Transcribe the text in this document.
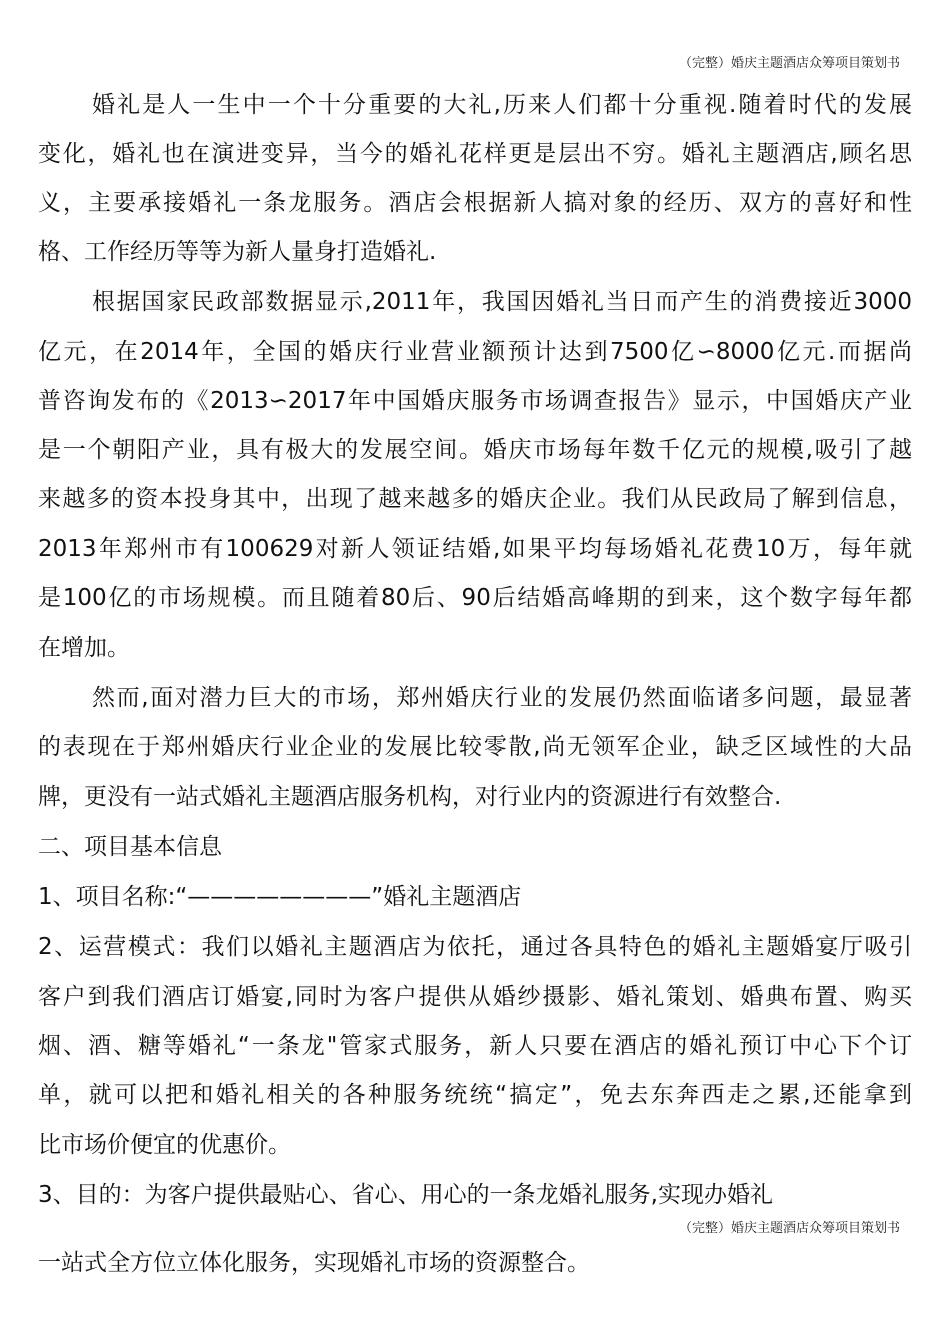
（完整）婚庆主题酒店众筹项目策划书
婚礼是人一生中一个十分重要的大礼,历来人们都十分重视.随着时代的发展
变化，婚礼也在演进变异，当今的婚礼花样更是层出不穷。婚礼主题酒店,顾名思
义，主要承接婚礼一条龙服务。酒店会根据新人搞对象的经历、双方的喜好和性
格、工作经历等等为新人量身打造婚礼.
根据国家民政部数据显示,2011年，我国因婚礼当日而产生的消费接近3000
亿元，在2014年，全国的婚庆行业营业额预计达到7500亿∽8000亿元.而据尚
普咨询发布的《2013∽2017年中国婚庆服务市场调查报告》显示，中国婚庆产业
是一个朝阳产业，具有极大的发展空间。婚庆市场每年数千亿元的规模,吸引了越
来越多的资本投身其中，出现了越来越多的婚庆企业。我们从民政局了解到信息，
2013年郑州市有100629对新人领证结婚,如果平均每场婚礼花费10万，每年就
是100亿的市场规模。而且随着80后、90后结婚高峰期的到来，这个数字每年都
在增加。
然而,面对潜力巨大的市场，郑州婚庆行业的发展仍然面临诸多问题，最显著
的表现在于郑州婚庆行业企业的发展比较零散,尚无领军企业，缺乏区域性的大品
牌，更没有一站式婚礼主题酒店服务机构，对行业内的资源进行有效整合.
二、项目基本信息
1、项目名称:“————————”婚礼主题酒店
2、运营模式：我们以婚礼主题酒店为依托，通过各具特色的婚礼主题婚宴厅吸引
客户到我们酒店订婚宴,同时为客户提供从婚纱摄影、婚礼策划、婚典布置、购买
烟、酒、糖等婚礼“一条龙"管家式服务，新人只要在酒店的婚礼预订中心下个订
单，就可以把和婚礼相关的各种服务统统“搞定”，免去东奔西走之累,还能拿到
比市场价便宜的优惠价。
3、目的：为客户提供最贴心、省心、用心的一条龙婚礼服务,实现办婚礼
（完整）婚庆主题酒店众筹项目策划书
一站式全方位立体化服务，实现婚礼市场的资源整合。
